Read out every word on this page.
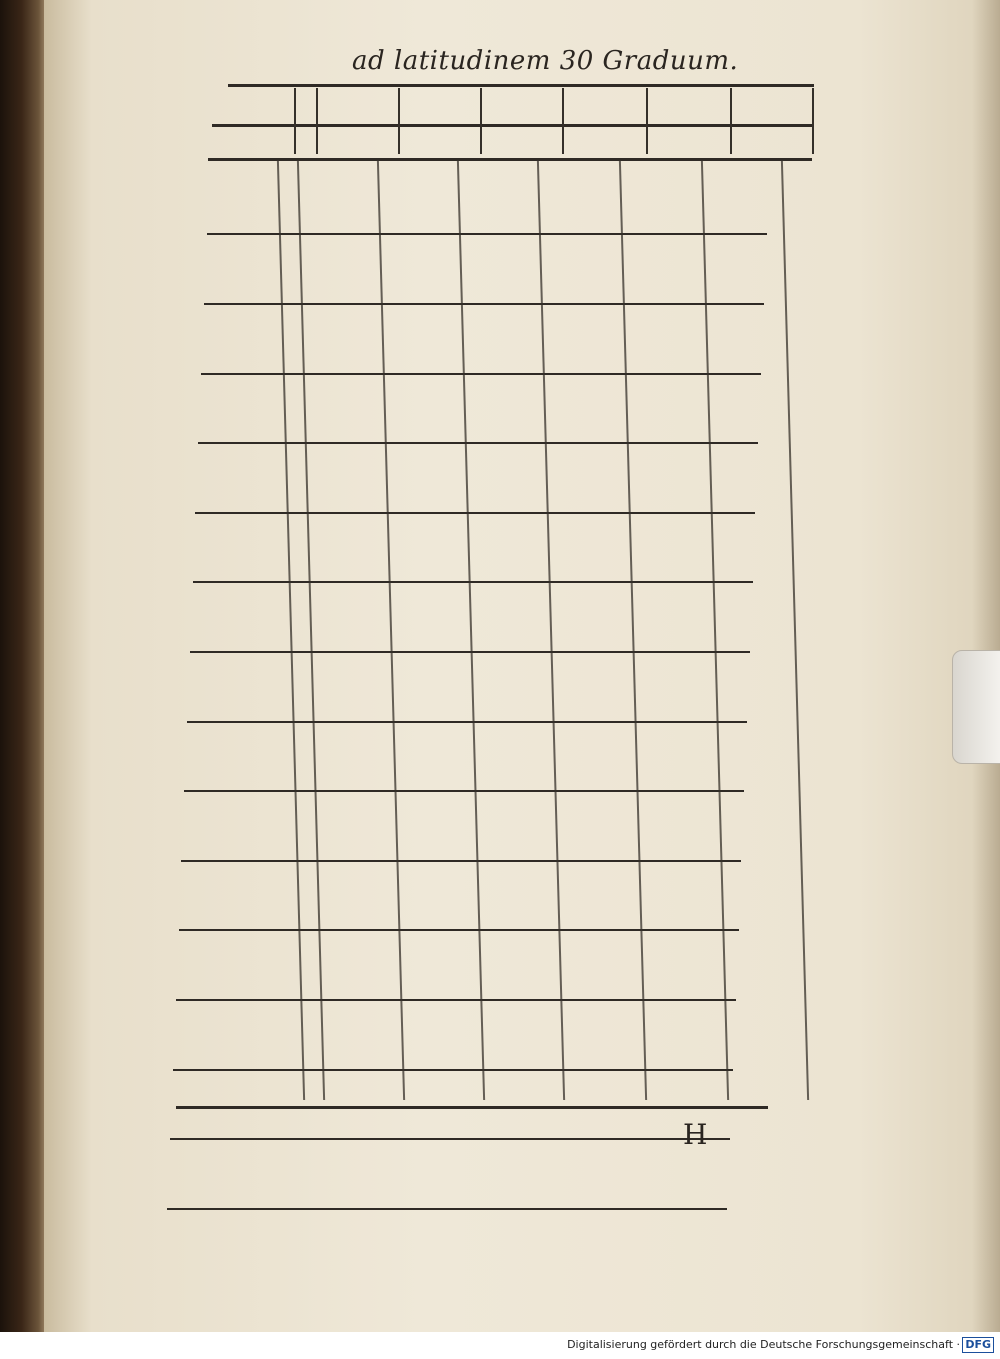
ad latitudinem 30 Graduum.
H
Digitalisierung gefördert durch die Deutsche Forschungsgemeinschaft · DFG
